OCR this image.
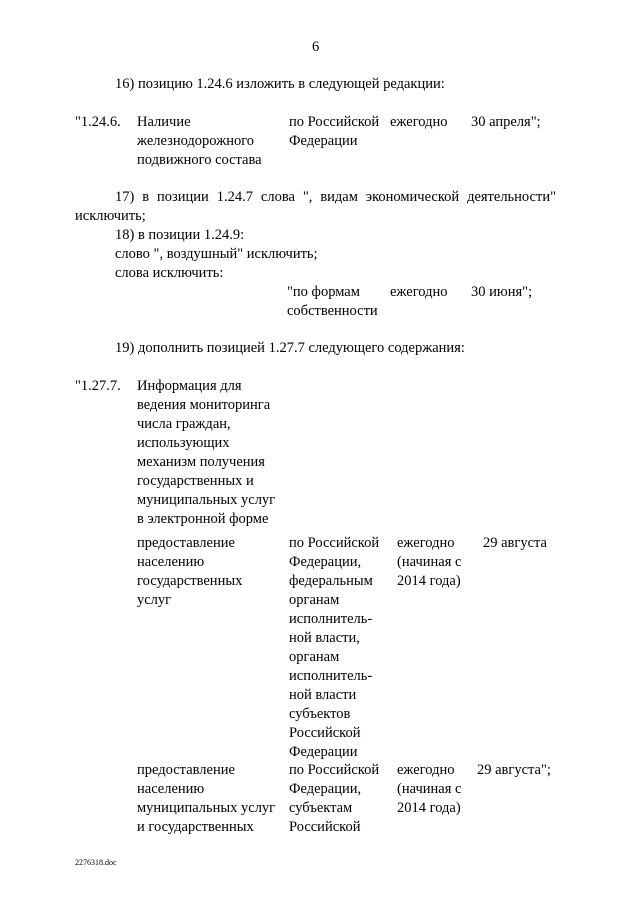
6
16) позицию 1.24.6 изложить в следующей редакции:
"1.24.6. Наличие
железнодорожного
подвижного состава
по Российской
Федерации
ежегодно 30 апреля";
17) в позиции 1.24.7 слова ", видам экономической деятельности"
исключить;
18) в позиции 1.24.9:
слово ", воздушный" исключить;
слова исключить:
"по формам
собственности
ежегодно 30 июня";
19) дополнить позицией 1.27.7 следующего содержания:
"1.27.7. Информация для
ведения мониторинга
числа граждан,
использующих
механизм получения
государственных и
муниципальных услуг
в электронной форме
предоставление
населению
государственных
услуг
по Российской
Федерации,
федеральным
органам
исполнитель-
ной власти,
органам
исполнитель-
ной власти
субъектов
Российской
Федерации
ежегодно
(начиная с
2014 года)
29 августа
предоставление
населению
муниципальных услуг
и государственных
по Российской
Федерации,
субъектам
Российской
ежегодно
(начиная с
2014 года)
29 августа";
2276318.doc
